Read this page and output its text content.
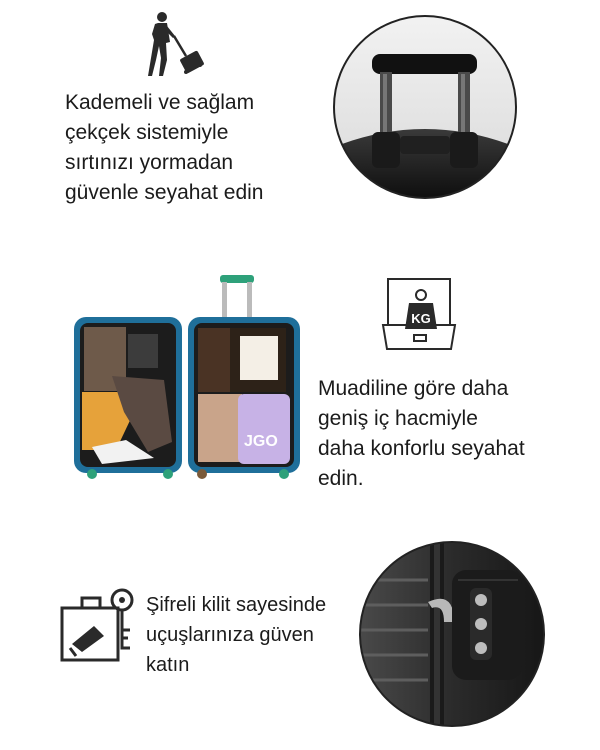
Kademeli ve sağlam
çekçek sistemiyle
sırtınızı yormadan
güvenle seyahat edin
JGO
KG
Muadiline göre daha
geniş iç hacmiyle
daha konforlu seyahat
edin.
Şifreli kilit sayesinde
uçuşlarınıza güven
katın
